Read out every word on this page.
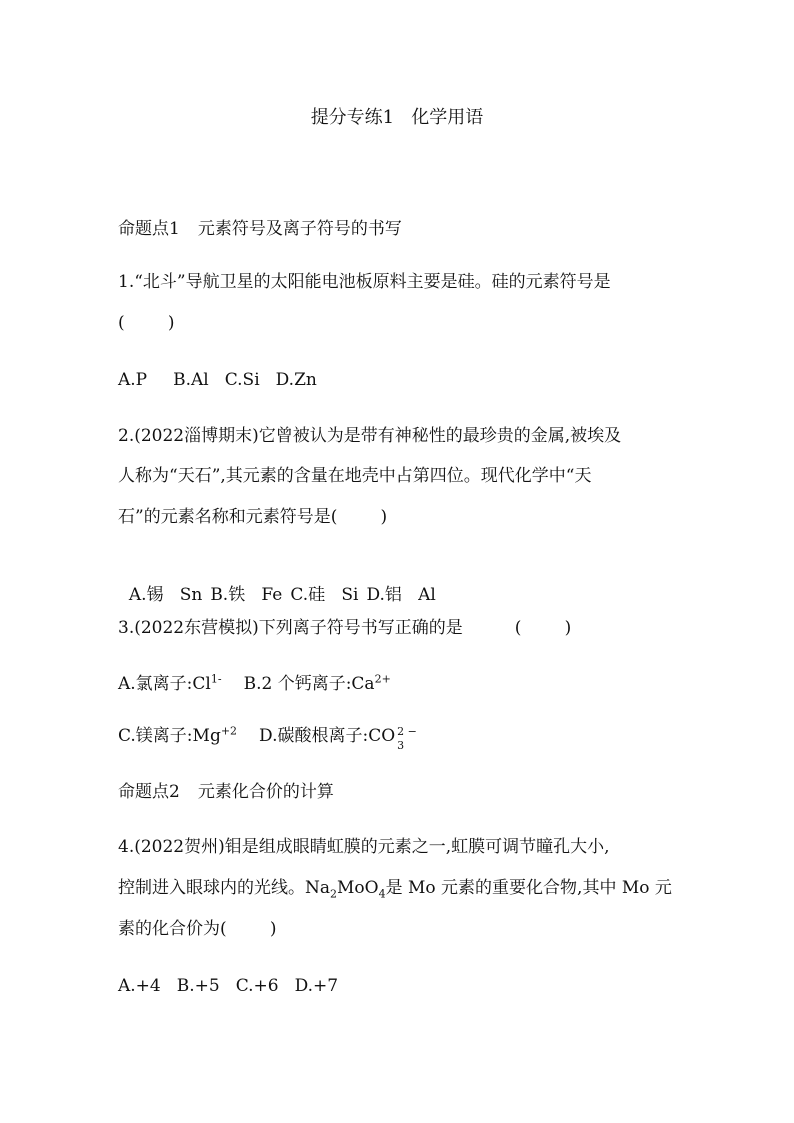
提分专练1   化学用语
命题点1 元素符号及离子符号的书写
1.“北斗”导航卫星的太阳能电池板原料主要是硅。硅的元素符号是
(        )
A.P B.Al C.Si D.Zn
2.(2022淄博期末)它曾被认为是带有神秘性的最珍贵的金属,被埃及
人称为“天石”,其元素的含量在地壳中占第四位。现代化学中“天
石”的元素名称和元素符号是(        )

A.锡   Sn B.铁   Fe C.硅   Si D.铝   Al

3.(2022东营模拟)下列离子符号书写正确的是	(        )
A.氯离子$:Cl^{1-}$ B.2 个钙离子$:Ca^{2+}$
C.镁离子$:Mg^{+2}$ D.碳酸根离子:CO 2 −
3
命题点2 元素化合价的计算
4.(2022贺州)钼是组成眼睛虹膜的元素之一,虹膜可调节瞳孔大小,
控制进入眼球内的光线。$Na_2MoO_4$是 Mo 元素的重要化合物,其中 Mo 元
素的化合价为(        )
A.+4 B.+5 C.+6 D.+7
